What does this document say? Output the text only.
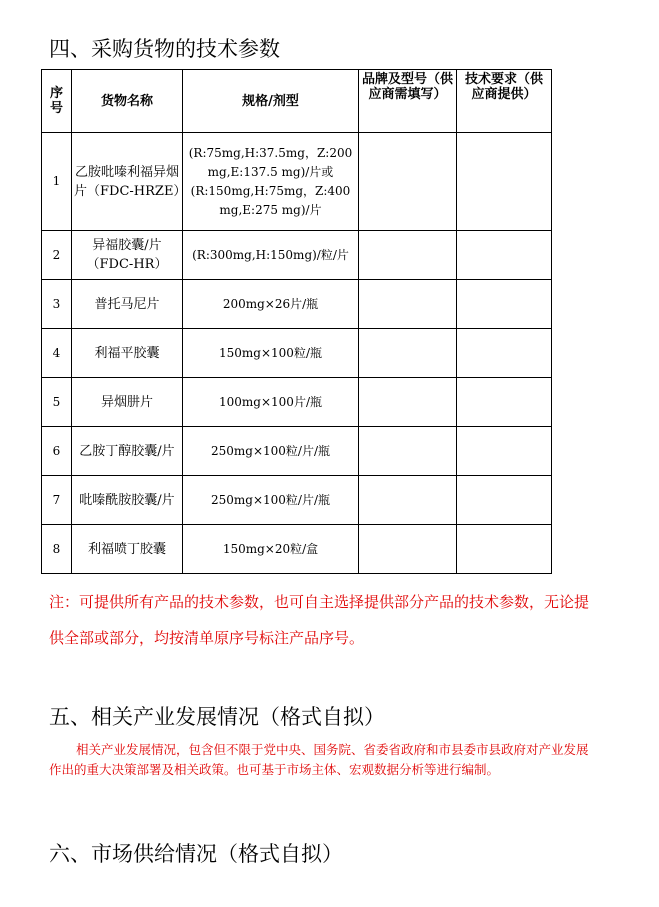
四、采购货物的技术参数
序号	货物名称	规格/剂型	品牌及型号（供应商需填写）	技术要求（供应商提供）
1	乙胺吡嗪利福异烟片（FDC-HRZE）	(R:75mg,H:37.5mg，Z:200 mg,E:137.5 mg)/片或(R:150mg,H:75mg，Z:400 mg,E:275 mg)/片		
2	异福胶囊/片（FDC-HR）	(R:300mg,H:150mg)/粒/片		
3	普托马尼片	200mg×26片/瓶		
4	利福平胶囊	150mg×100粒/瓶		
5	异烟肼片	100mg×100片/瓶		
6	乙胺丁醇胶囊/片	250mg×100粒/片/瓶		
7	吡嗪酰胺胶囊/片	250mg×100粒/片/瓶		
8	利福喷丁胶囊	150mg×20粒/盒		
注：可提供所有产品的技术参数，也可自主选择提供部分产品的技术参数，无论提供全部或部分，均按清单原序号标注产品序号。
五、相关产业发展情况（格式自拟）
相关产业发展情况，包含但不限于党中央、国务院、省委省政府和市县委市县政府对产业发展作出的重大决策部署及相关政策。也可基于市场主体、宏观数据分析等进行编制。
六、市场供给情况（格式自拟）
